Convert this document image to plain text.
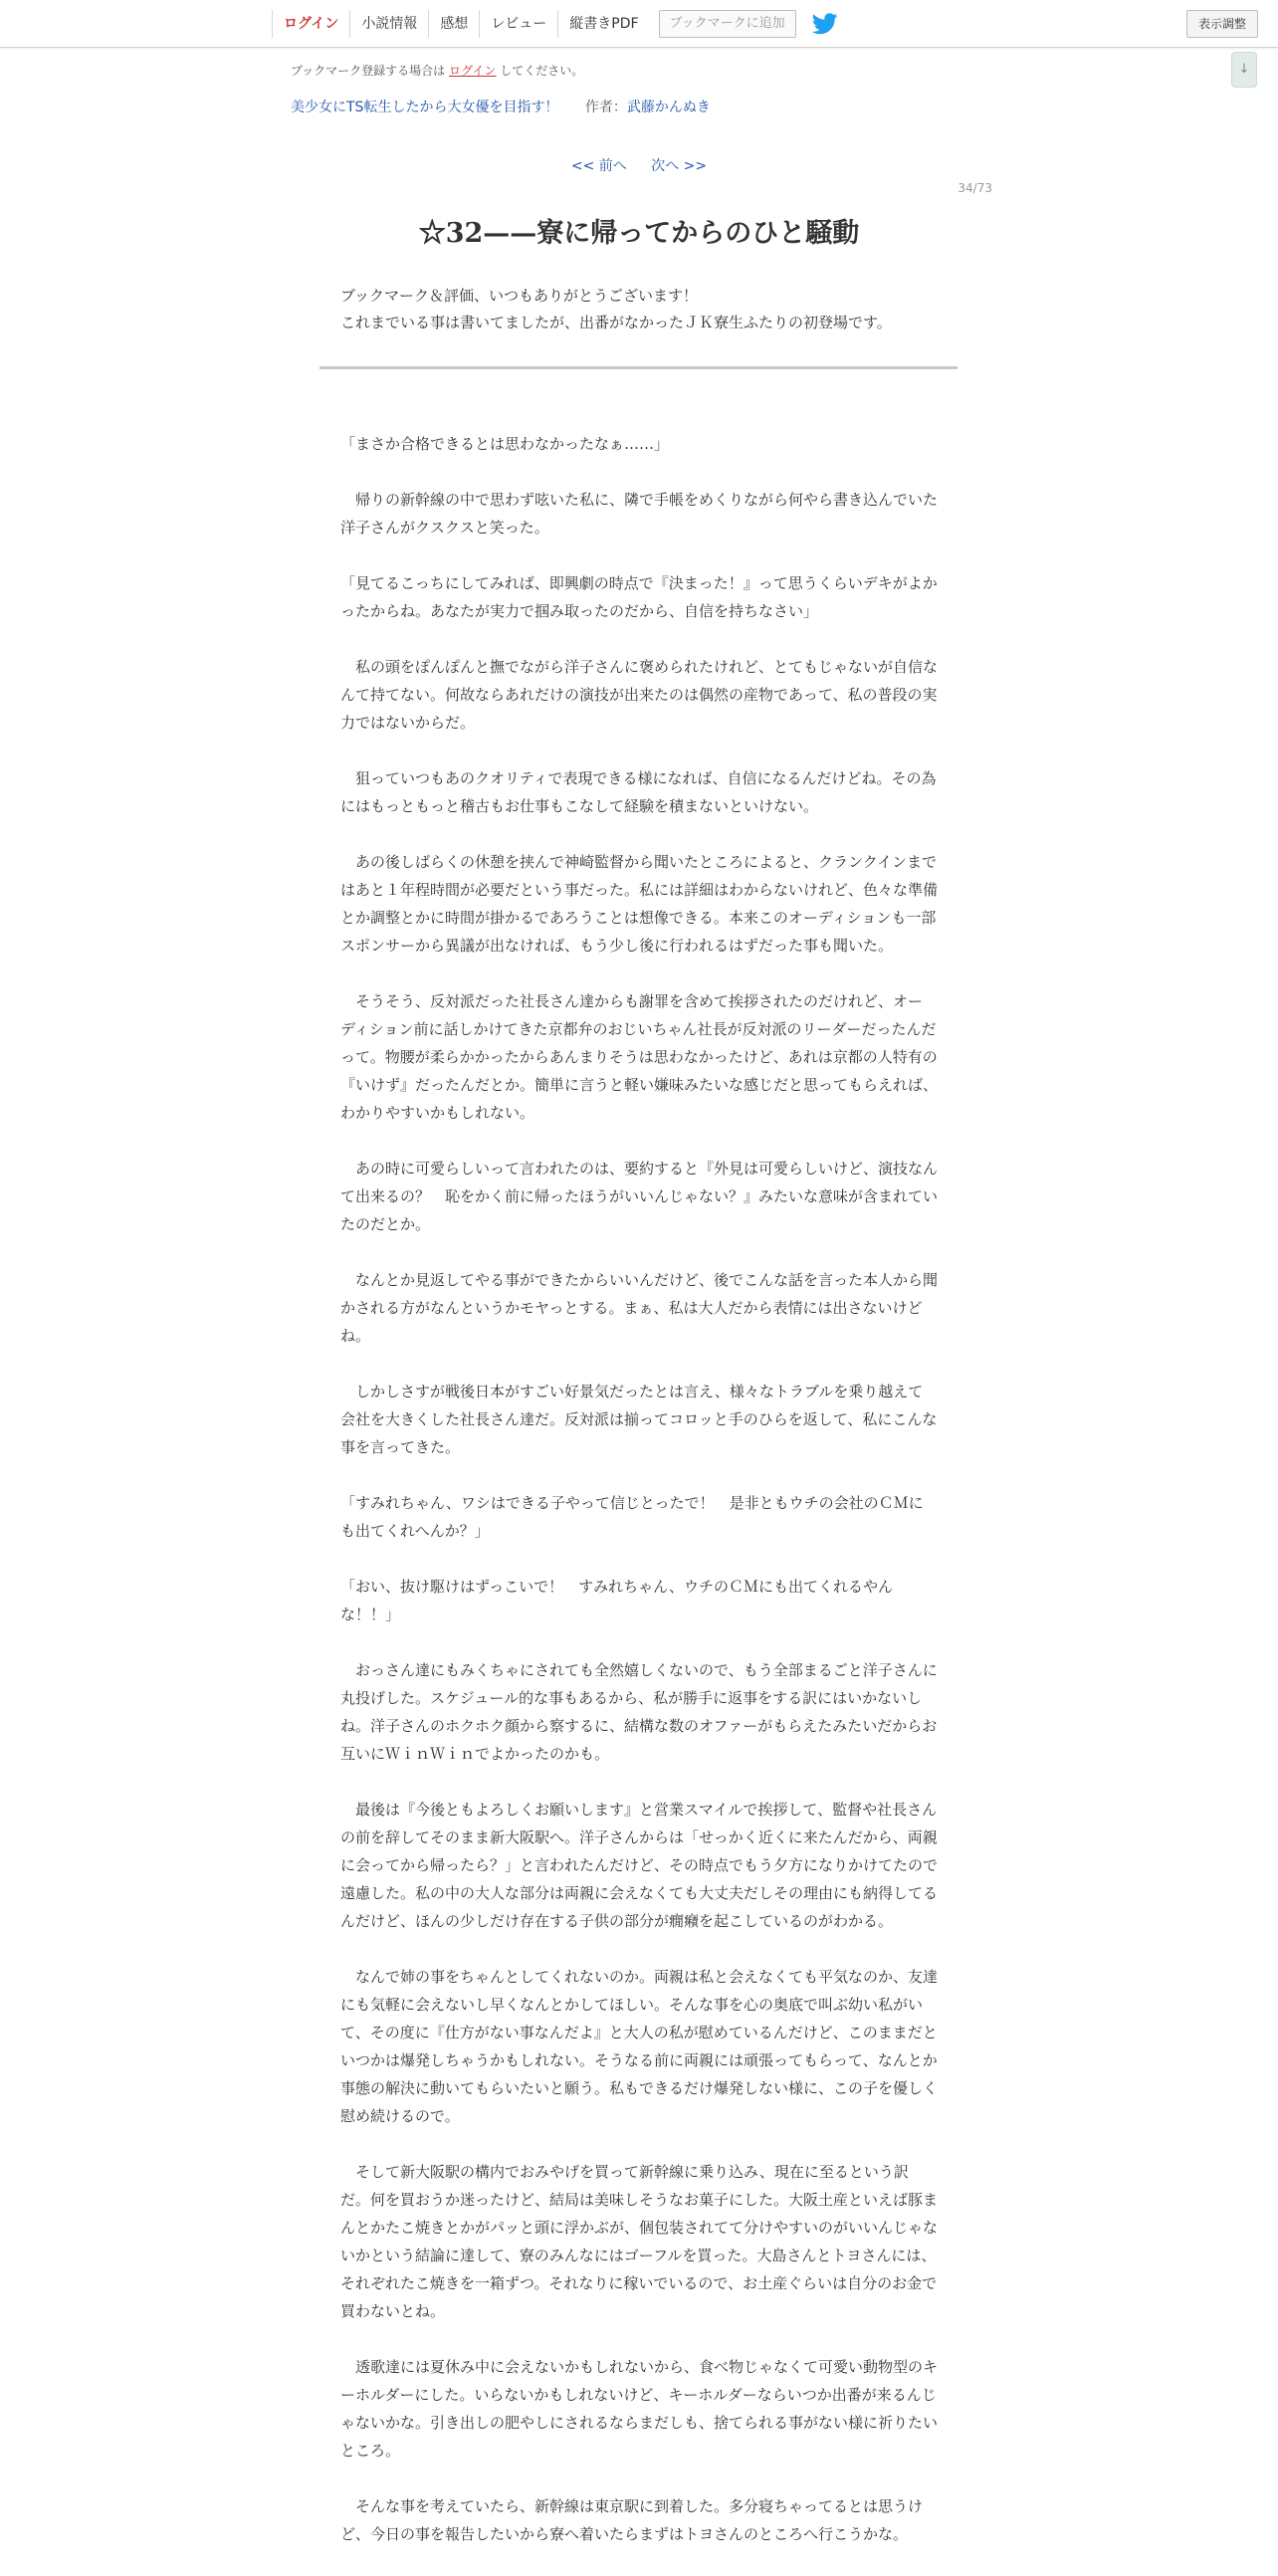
ログイン	小説情報	感想	レビュー	縦書きPDF	ブックマークに追加	表示調整
↓
ブックマーク登録する場合は ログイン してください。
美少女にTS転生したから大女優を目指す！ 作者：武藤かんぬき
<< 前へ 次へ >>
34/73
☆32——寮に帰ってからのひと騒動

ブックマーク＆評価、いつもありがとうございます！

これまでいる事は書いてましたが、出番がなかったＪＫ寮生ふたりの初登場です。

「まさか合格できるとは思わなかったなぁ……」

　帰りの新幹線の中で思わず呟いた私に、隣で手帳をめくりながら何やら書き込んでいた洋子さんがクスクスと笑った。

「見てるこっちにしてみれば、即興劇の時点で『決まった！』って思うくらいデキがよかったからね。あなたが実力で掴み取ったのだから、自信を持ちなさい」

　私の頭をぽんぽんと撫でながら洋子さんに褒められたけれど、とてもじゃないが自信なんて持てない。何故ならあれだけの演技が出来たのは偶然の産物であって、私の普段の実力ではないからだ。

　狙っていつもあのクオリティで表現できる様になれば、自信になるんだけどね。その為にはもっともっと稽古もお仕事もこなして経験を積まないといけない。

　あの後しばらくの休憩を挟んで神崎監督から聞いたところによると、クランクインまではあと１年程時間が必要だという事だった。私には詳細はわからないけれど、色々な準備とか調整とかに時間が掛かるであろうことは想像できる。本来このオーディションも一部スポンサーから異議が出なければ、もう少し後に行われるはずだった事も聞いた。

　そうそう、反対派だった社長さん達からも謝罪を含めて挨拶されたのだけれど、オーディション前に話しかけてきた京都弁のおじいちゃん社長が反対派のリーダーだったんだって。物腰が柔らかかったからあんまりそうは思わなかったけど、あれは京都の人特有の『いけず』だったんだとか。簡単に言うと軽い嫌味みたいな感じだと思ってもらえれば、わかりやすいかもしれない。

　あの時に可愛らしいって言われたのは、要約すると『外見は可愛らしいけど、演技なんて出来るの？　恥をかく前に帰ったほうがいいんじゃない？』みたいな意味が含まれていたのだとか。

　なんとか見返してやる事ができたからいいんだけど、後でこんな話を言った本人から聞かされる方がなんというかモヤっとする。まぁ、私は大人だから表情には出さないけどね。

　しかしさすが戦後日本がすごい好景気だったとは言え、様々なトラブルを乗り越えて会社を大きくした社長さん達だ。反対派は揃ってコロッと手のひらを返して、私にこんな事を言ってきた。

「すみれちゃん、ワシはできる子やって信じとったで！　是非ともウチの会社のＣＭにも出てくれへんか？」

「おい、抜け駆けはずっこいで！　すみれちゃん、ウチのＣＭにも出てくれるやんな！！」

　おっさん達にもみくちゃにされても全然嬉しくないので、もう全部まるごと洋子さんに丸投げした。スケジュール的な事もあるから、私が勝手に返事をする訳にはいかないしね。洋子さんのホクホク顔から察するに、結構な数のオファーがもらえたみたいだからお互いにＷｉｎＷｉｎでよかったのかも。

　最後は『今後ともよろしくお願いします』と営業スマイルで挨拶して、監督や社長さんの前を辞してそのまま新大阪駅へ。洋子さんからは「せっかく近くに来たんだから、両親に会ってから帰ったら？」と言われたんだけど、その時点でもう夕方になりかけてたので遠慮した。私の中の大人な部分は両親に会えなくても大丈夫だしその理由にも納得してるんだけど、ほんの少しだけ存在する子供の部分が癇癪を起こしているのがわかる。

　なんで姉の事をちゃんとしてくれないのか。両親は私と会えなくても平気なのか、友達にも気軽に会えないし早くなんとかしてほしい。そんな事を心の奥底で叫ぶ幼い私がいて、その度に『仕方がない事なんだよ』と大人の私が慰めているんだけど、このままだといつかは爆発しちゃうかもしれない。そうなる前に両親には頑張ってもらって、なんとか事態の解決に動いてもらいたいと願う。私もできるだけ爆発しない様に、この子を優しく慰め続けるので。

　そして新大阪駅の構内でおみやげを買って新幹線に乗り込み、現在に至るという訳だ。何を買おうか迷ったけど、結局は美味しそうなお菓子にした。大阪土産といえば豚まんとかたこ焼きとかがパッと頭に浮かぶが、個包装されてて分けやすいのがいいんじゃないかという結論に達して、寮のみんなにはゴーフルを買った。大島さんとトヨさんには、それぞれたこ焼きを一箱ずつ。それなりに稼いでいるので、お土産ぐらいは自分のお金で買わないとね。

　透歌達には夏休み中に会えないかもしれないから、食べ物じゃなくて可愛い動物型のキーホルダーにした。いらないかもしれないけど、キーホルダーならいつか出番が来るんじゃないかな。引き出しの肥やしにされるならまだしも、捨てられる事がない様に祈りたいところ。

　そんな事を考えていたら、新幹線は東京駅に到着した。多分寝ちゃってるとは思うけど、今日の事を報告したいから寮へ着いたらまずはトヨさんのところへ行こうかな。
